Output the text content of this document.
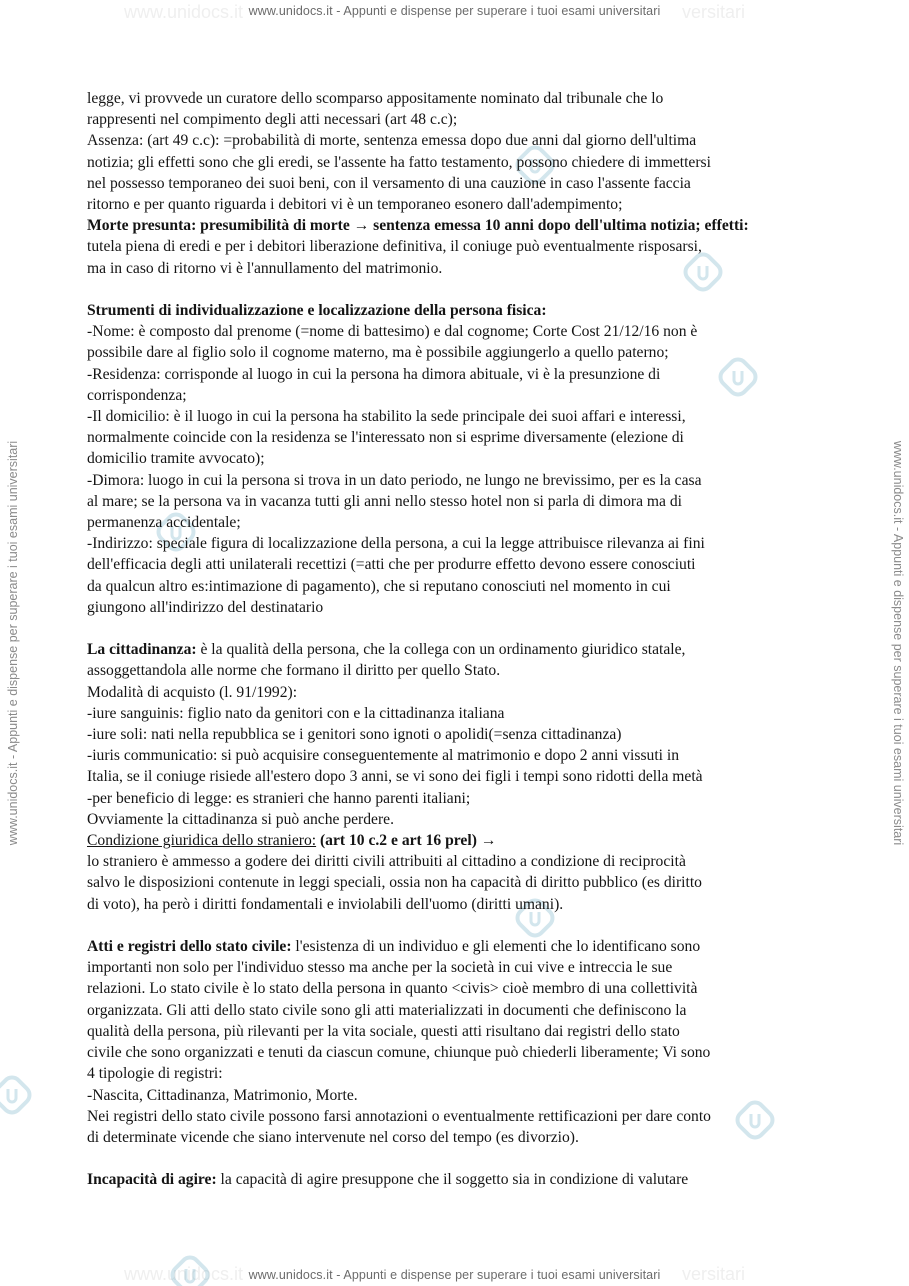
www.unidocs.it	versitari
www.unidocs.it	versitari
www.unidocs.it - Appunti e dispense per superare i tuoi esami universitari
www.unidocs.it - Appunti e dispense per superare i tuoi esami universitari
www.unidocs.it - Appunti e dispense per superare i tuoi esami universitari	www.unidocs.it - Appunti e dispense per superare i tuoi esami universitari

legge, vi provvede un curatore dello scomparso appositamente nominato dal tribunale che lo

rappresenti nel compimento degli atti necessari (art 48 c.c);

Assenza: (art 49 c.c): =probabilità di morte, sentenza emessa dopo due anni dal giorno dell'ultima

notizia; gli effetti sono che gli eredi, se l'assente ha fatto testamento, possono chiedere di immettersi

nel possesso temporaneo dei suoi beni, con il versamento di una cauzione in caso l'assente faccia

ritorno e per quanto riguarda i debitori vi è un temporaneo esonero dall'adempimento;

Morte presunta: presumibilità di morte → sentenza emessa 10 anni dopo dell'ultima notizia; effetti:

tutela piena di eredi e per i debitori liberazione definitiva, il coniuge può eventualmente risposarsi,

ma in caso di ritorno vi è l'annullamento del matrimonio.

Strumenti di individualizzazione e localizzazione della persona fisica:

-Nome: è composto dal prenome (=nome di battesimo) e dal cognome; Corte Cost 21/12/16 non è

possibile dare al figlio solo il cognome materno, ma è possibile aggiungerlo a quello paterno;

-Residenza: corrisponde al luogo in cui la persona ha dimora abituale, vi è la presunzione di

corrispondenza;

-Il domicilio: è il luogo in cui la persona ha stabilito la sede principale dei suoi affari e interessi,

normalmente coincide con la residenza se l'interessato non si esprime diversamente (elezione di

domicilio tramite avvocato);

-Dimora: luogo in cui la persona si trova in un dato periodo, ne lungo ne brevissimo, per es la casa

al mare; se la persona va in vacanza tutti gli anni nello stesso hotel non si parla di dimora ma di

permanenza accidentale;

-Indirizzo: speciale figura di localizzazione della persona, a cui la legge attribuisce rilevanza ai fini

dell'efficacia degli atti unilaterali recettizi (=atti che per produrre effetto devono essere conosciuti

da qualcun altro es:intimazione di pagamento), che si reputano conosciuti nel momento in cui

giungono all'indirizzo del destinatario

La cittadinanza: è la qualità della persona, che la collega con un ordinamento giuridico statale,

assoggettandola alle norme che formano il diritto per quello Stato.

Modalità di acquisto (l. 91/1992):

-iure sanguinis: figlio nato da genitori con e la cittadinanza italiana

-iure soli: nati nella repubblica se i genitori sono ignoti o apolidi(=senza cittadinanza)

-iuris communicatio: si può acquisire conseguentemente al matrimonio e dopo 2 anni vissuti in

Italia, se il coniuge risiede all'estero dopo 3 anni, se vi sono dei figli i tempi sono ridotti della metà

-per beneficio di legge: es stranieri che hanno parenti italiani;

Ovviamente la cittadinanza si può anche perdere.

Condizione giuridica dello straniero: (art 10 c.2 e art 16 prel) →

lo straniero è ammesso a godere dei diritti civili attribuiti al cittadino a condizione di reciprocità

salvo le disposizioni contenute in leggi speciali, ossia non ha capacità di diritto pubblico (es diritto

di voto), ha però i diritti fondamentali e inviolabili dell'uomo (diritti umani).

Atti e registri dello stato civile: l'esistenza di un individuo e gli elementi che lo identificano sono

importanti non solo per l'individuo stesso ma anche per la società in cui vive e intreccia le sue

relazioni. Lo stato civile è lo stato della persona in quanto <civis> cioè membro di una collettività

organizzata. Gli atti dello stato civile sono gli atti materializzati in documenti che definiscono la

qualità della persona, più rilevanti per la vita sociale, questi atti risultano dai registri dello stato

civile che sono organizzati e tenuti da ciascun comune, chiunque può chiederli liberamente; Vi sono

4 tipologie di registri:

-Nascita, Cittadinanza, Matrimonio, Morte.

Nei registri dello stato civile possono farsi annotazioni o eventualmente rettificazioni per dare conto

di determinate vicende che siano intervenute nel corso del tempo (es divorzio).

Incapacità di agire: la capacità di agire presuppone che il soggetto sia in condizione di valutare
